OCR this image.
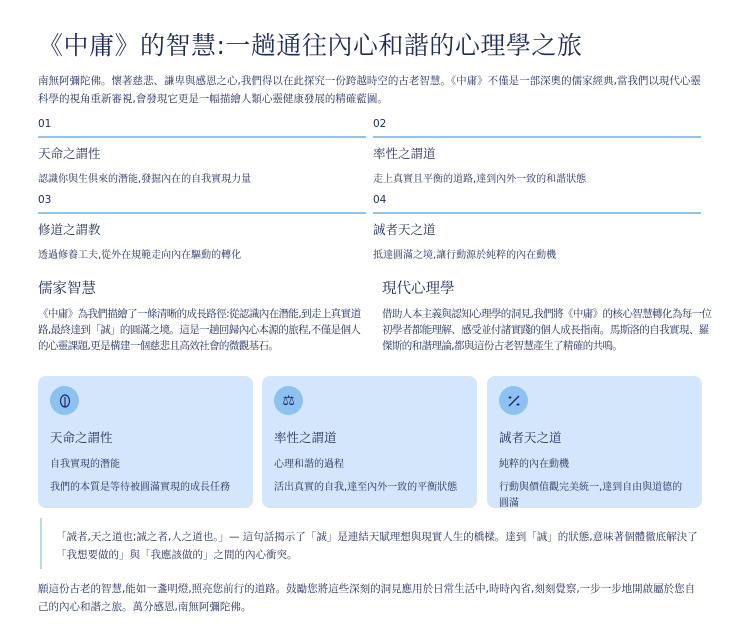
《中庸》的智慧:一趟通往內心和諧的心理學之旅

南無阿彌陀佛。懷著慈悲、謙卑與感恩之心,我們得以在此探究一份跨越時空的古老智慧。《中庸》不僅是一部深奧的儒家經典,當我們以現代心靈科學的視角重新審視,會發現它更是一幅描繪人類心靈健康發展的精確藍圖。

01
天命之謂性
認識你與生俱來的潛能,發掘內在的自我實現力量
02
率性之謂道
走上真實且平衡的道路,達到內外一致的和諧狀態
03
修道之謂教
透過修養工夫,從外在規範走向內在驅動的轉化
04
誠者天之道
抵達圓滿之境,讓行動源於純粹的內在動機
儒家智慧
《中庸》為我們描繪了一條清晰的成長路徑:從認識內在潛能,到走上真實道路,最終達到「誠」的圓滿之境。這是一趟回歸內心本源的旅程,不僅是個人的心靈課題,更是構建一個慈悲且高效社會的微觀基石。
現代心理學
借助人本主義與認知心理學的洞見,我們將《中庸》的核心智慧轉化為每一位初學者都能理解、感受並付諸實踐的個人成長指南。馬斯洛的自我實現、羅傑斯的和諧理論,都與這份古老智慧產生了精確的共鳴。
天命之謂性
自我實現的潛能
我們的本質是等待被圓滿實現的成長任務
⚖
率性之謂道
心理和諧的過程
活出真實的自我,達至內外一致的平衡狀態
誠者天之道
純粹的內在動機
行動與價值觀完美統一,達到自由與道德的圓滿
「誠者,天之道也;誠之者,人之道也。」— 這句話揭示了「誠」是連結天賦理想與現實人生的橋樑。達到「誠」的狀態,意味著個體徹底解決了「我想要做的」與「我應該做的」之間的內心衝突。

願這份古老的智慧,能如一盞明燈,照亮您前行的道路。鼓勵您將這些深刻的洞見應用於日常生活中,時時內省,刻刻覺察,一步一步地開啟屬於您自己的內心和諧之旅。萬分感恩,南無阿彌陀佛。
